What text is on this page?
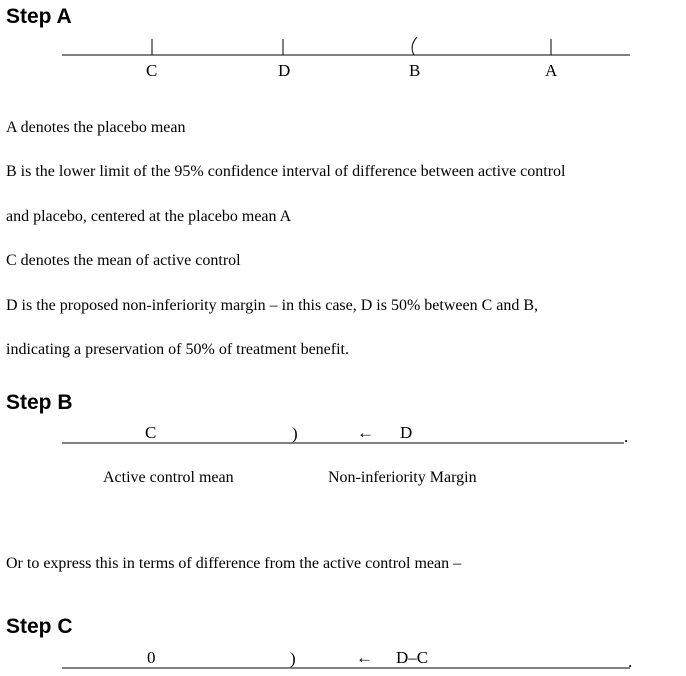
Step A
C	D	B	A
A denotes the placebo mean
B is the lower limit of the 95% confidence interval of difference between active control
and placebo, centered at the placebo mean A
C denotes the mean of active control
D is the proposed non-inferiority margin – in this case, D is 50% between C and B,
indicating a preservation of 50% of treatment benefit.
Step B
C	)	← D	.
Active control mean	Non-inferiority Margin
Or to express this in terms of difference from the active control mean –
Step C
0	)	← D–C	.
